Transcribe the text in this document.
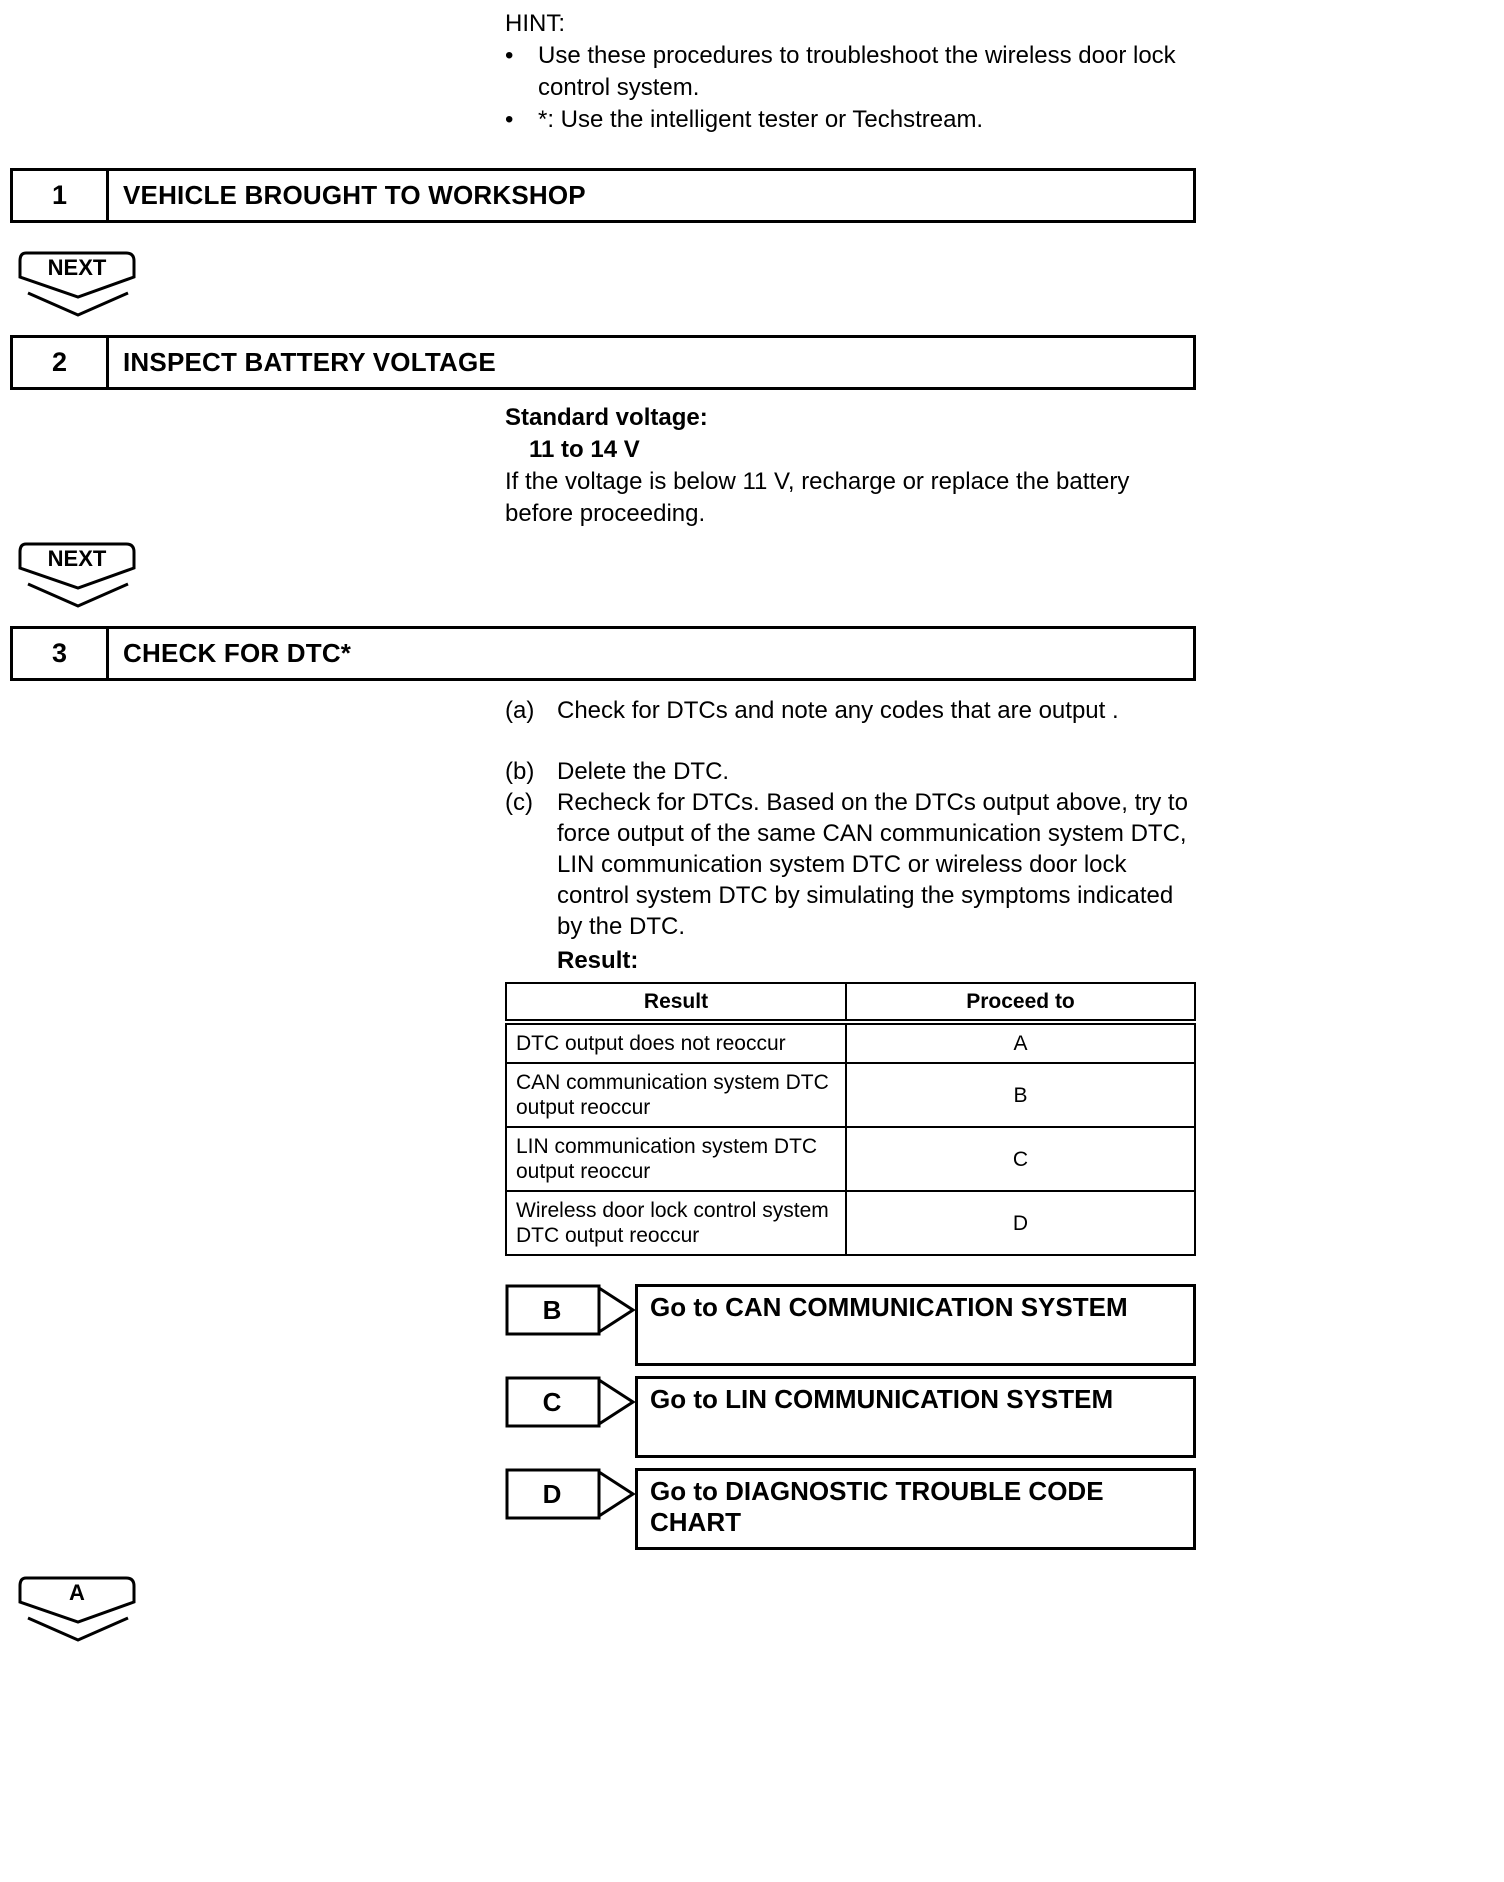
HINT:
•	Use these procedures to troubleshoot the wireless door lock control system.
•	*: Use the intelligent tester or Techstream.
1	VEHICLE BROUGHT TO WORKSHOP
NEXT
2	INSPECT BATTERY VOLTAGE
Standard voltage:
11 to 14 V
If the voltage is below 11 V, recharge or replace the battery before proceeding.
NEXT
3	CHECK FOR DTC*
(a) Check for DTCs and note any codes that are output .
(b) Delete the DTC.
(c)	Recheck for DTCs. Based on the DTCs output above, try to force output of the same CAN communication system DTC, LIN communication system DTC or wireless door lock control system DTC by simulating the symptoms indicated by the DTC.
Result:
Result	Proceed to
DTC output does not reoccur	A
CAN communication system DTC output reoccur	B
LIN communication system DTC output reoccur	C
Wireless door lock control system DTC output reoccur	D
B	Go to CAN COMMUNICATION SYSTEM
C	Go to LIN COMMUNICATION SYSTEM
D	Go to DIAGNOSTIC TROUBLE CODE CHART
A
